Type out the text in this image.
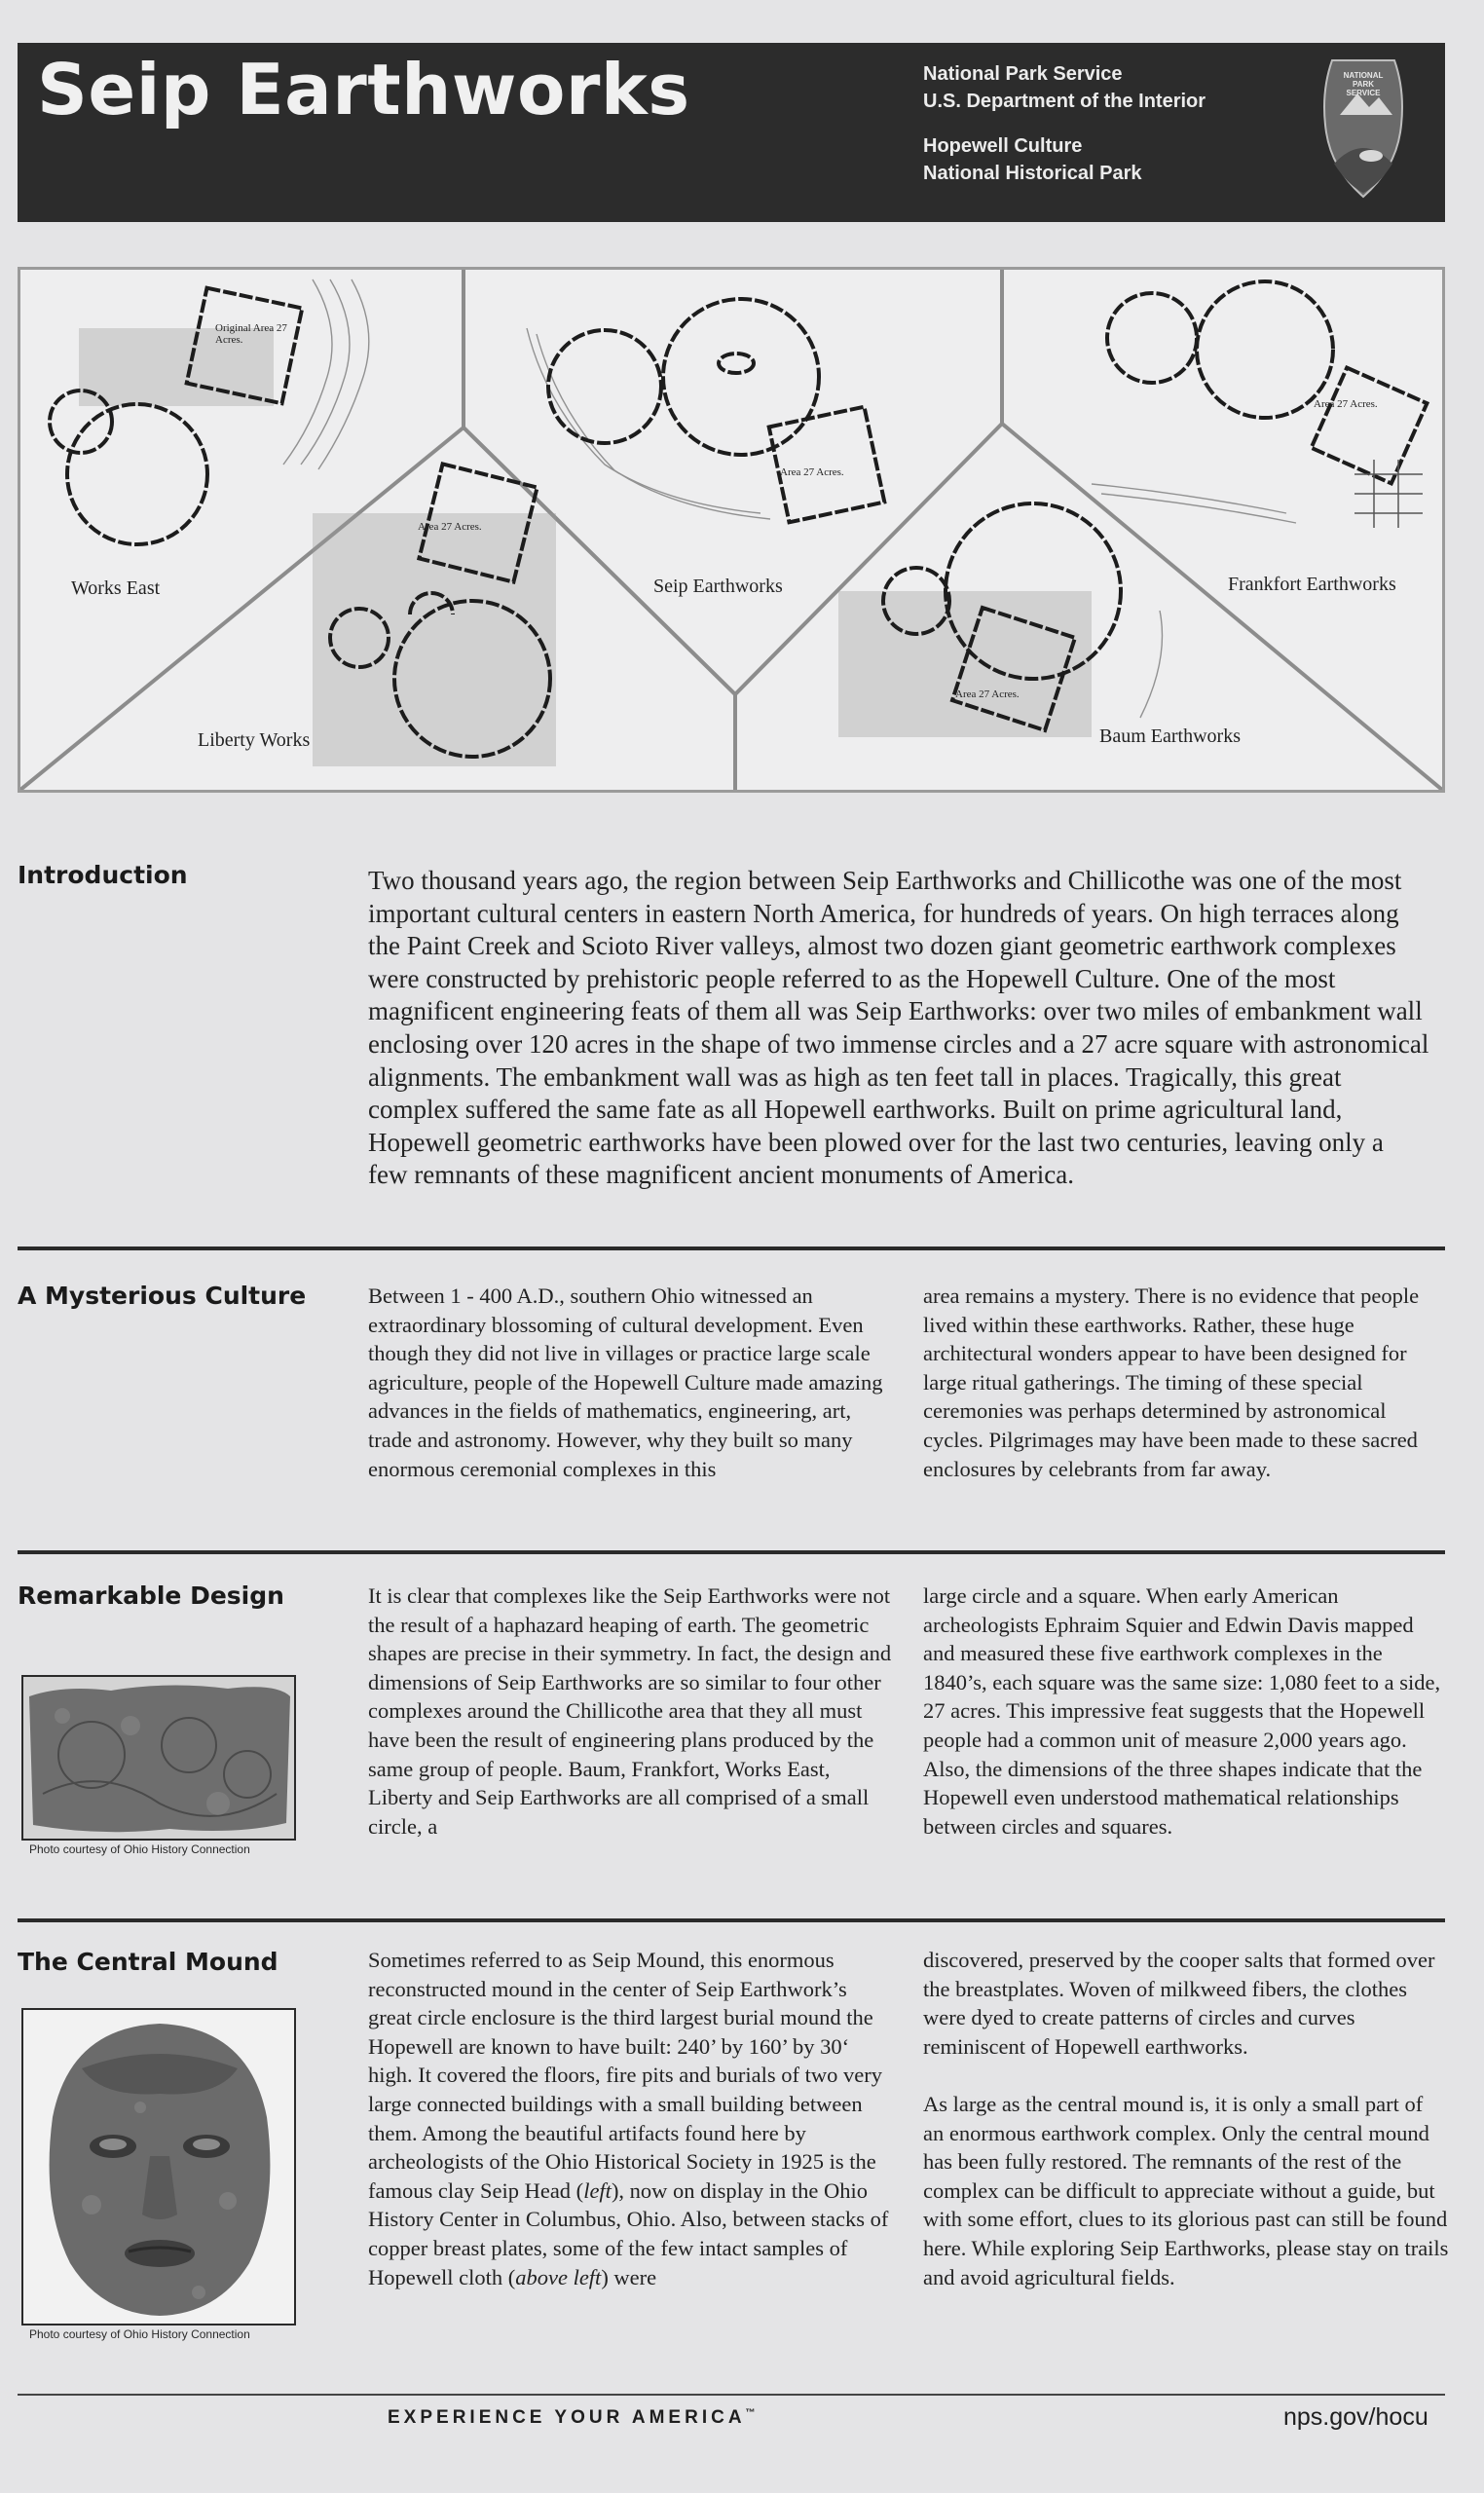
Seip Earthworks	National Park Service
U.S. Department of the Interior
Hopewell Culture
National Historical Park
NATIONAL
PARK
SERVICE
Works East
Liberty Works
Seip Earthworks
Baum Earthworks
Frankfort Earthworks
Area 27 Acres.
Area 27 Acres.
Area 27 Acres.
Area 27 Acres.
Original Area 27 Acres.
Introduction	Two thousand years ago, the region between Seip Earthworks and Chillicothe was one of the most important cultural centers in eastern North America, for hundreds of years. On high terraces along the Paint Creek and Scioto River valleys, almost two dozen giant geometric earthwork complexes were constructed by prehistoric people referred to as the Hopewell Culture. One of the most magnificent engineering feats of them all was Seip Earthworks: over two miles of embankment wall enclosing over 120 acres in the shape of two immense circles and a 27 acre square with astronomical alignments. The embankment wall was as high as ten feet tall in places. Tragically, this great complex suffered the same fate as all Hopewell earthworks. Built on prime agricultural land, Hopewell geometric earthworks have been plowed over for the last two centuries, leaving only a few remnants of these magnificent ancient monuments of America.
A Mysterious Culture	Between 1 - 400 A.D., southern Ohio witnessed an extraordinary blossoming of cultural development. Even though they did not live in villages or practice large scale agriculture, people of the Hopewell Culture made amazing advances in the fields of mathematics, engineering, art, trade and astronomy. However, why they built so many enormous ceremonial complexes in this
area remains a mystery. There is no evidence that people lived within these earthworks. Rather, these huge architectural wonders appear to have been designed for large ritual gatherings. The timing of these special ceremonies was perhaps determined by astronomical cycles. Pilgrimages may have been made to these sacred enclosures by celebrants from far away.
Remarkable Design
Photo courtesy of Ohio History Connection
It is clear that complexes like the Seip Earthworks were not the result of a haphazard heaping of earth. The geometric shapes are precise in their symmetry. In fact, the design and dimensions of Seip Earthworks are so similar to four other complexes around the Chillicothe area that they all must have been the result of engineering plans produced by the same group of people. Baum, Frankfort, Works East, Liberty and Seip Earthworks are all comprised of a small circle, a
large circle and a square. When early American archeologists Ephraim Squier and Edwin Davis mapped and measured these five earthwork complexes in the 1840’s, each square was the same size: 1,080 feet to a side, 27 acres. This impressive feat suggests that the Hopewell people had a common unit of measure 2,000 years ago. Also, the dimensions of the three shapes indicate that the Hopewell even understood mathematical relationships between circles and squares.
The Central Mound
Photo courtesy of Ohio History Connection

Sometimes referred to as Seip Mound, this enormous reconstructed mound in the center of Seip Earthwork’s great circle enclosure is the third largest burial mound the Hopewell are known to have built: 240’ by 160’ by 30‘ high. It covered the floors, fire pits and burials of two very large connected buildings with a small building between them. Among the beautiful artifacts found here by archeologists of the Ohio Historical Society in 1925 is the famous clay Seip Head (left), now on display in the Ohio History Center in Columbus, Ohio. Also, between stacks of copper breast plates, some of the few intact samples of Hopewell cloth (above left) were

discovered, preserved by the cooper salts that formed over the breastplates. Woven of milkweed fibers, the clothes were dyed to create patterns of circles and curves reminiscent of Hopewell earthworks.

As large as the central mound is, it is only a small part of an enormous earthwork complex. Only the central mound has been fully restored. The remnants of the rest of the complex can be difficult to appreciate without a guide, but with some effort, clues to its glorious past can still be found here. While exploring Seip Earthworks, please stay on trails and avoid agricultural fields.

EXPERIENCE YOUR AMERICA™	nps.gov/hocu
